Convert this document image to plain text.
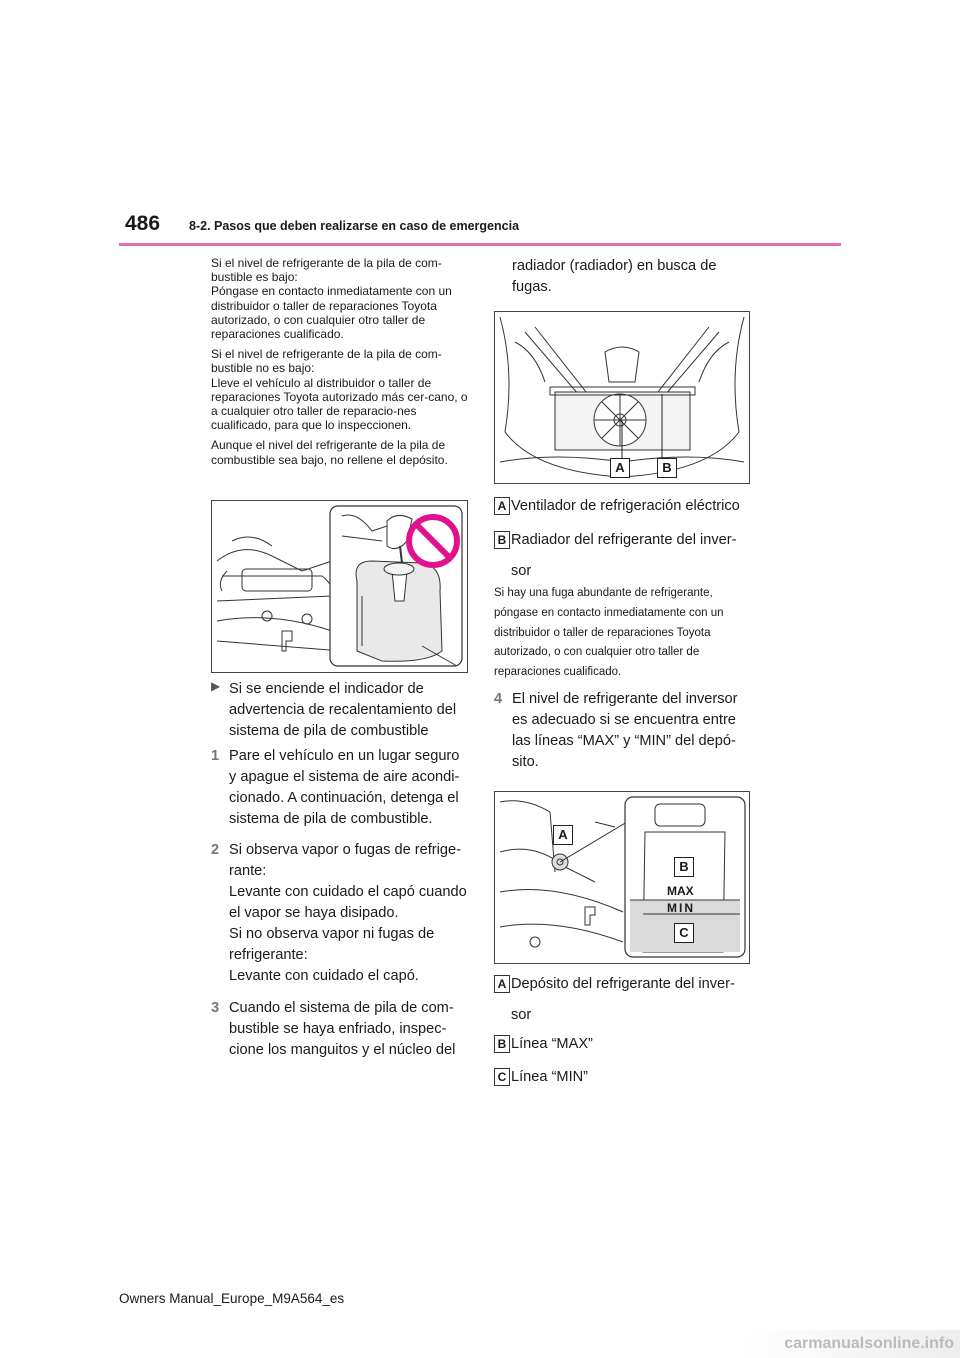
486 8-2. Pasos que deben realizarse en caso de emergencia

Si el nivel de refrigerante de la pila de com-bustible es bajo:
Póngase en contacto inmediatamente con un distribuidor o taller de reparaciones Toyota autorizado, o con cualquier otro taller de reparaciones cualificado.

Si el nivel de refrigerante de la pila de com-bustible no es bajo:
Lleve el vehículo al distribuidor o taller de reparaciones Toyota autorizado más cer-cano, o a cualquier otro taller de reparacio-nes cualificado, para que lo inspeccionen.

Aunque el nivel del refrigerante de la pila de combustible sea bajo, no rellene el depósito.

▶ Si se enciende el indicador de advertencia de recalentamiento del sistema de pila de combustible
1 Pare el vehículo en un lugar seguro y apague el sistema de aire acondi-cionado. A continuación, detenga el sistema de pila de combustible.
2 Si observa vapor o fugas de refrige-rante:
Levante con cuidado el capó cuando el vapor se haya disipado.
Si no observa vapor ni fugas de refrigerante:
Levante con cuidado el capó.
3 Cuando el sistema de pila de com-bustible se haya enfriado, inspec-cione los manguitos y el núcleo del
radiador (radiador) en busca de fugas.
A	B
A Ventilador de refrigeración eléctrico
B Radiador del refrigerante del inver-
sor
Si hay una fuga abundante de refrigerante, póngase en contacto inmediatamente con un distribuidor o taller de reparaciones Toyota autorizado, o con cualquier otro taller de reparaciones cualificado.
4 El nivel de refrigerante del inversor es adecuado si se encuentra entre las líneas “MAX” y “MIN” del depó-sito.
A
B
MAX
MIN
C
A Depósito del refrigerante del inver-
sor
B Línea “MAX”
C Línea “MIN”
Owners Manual_Europe_M9A564_es
carmanualsonline.info
